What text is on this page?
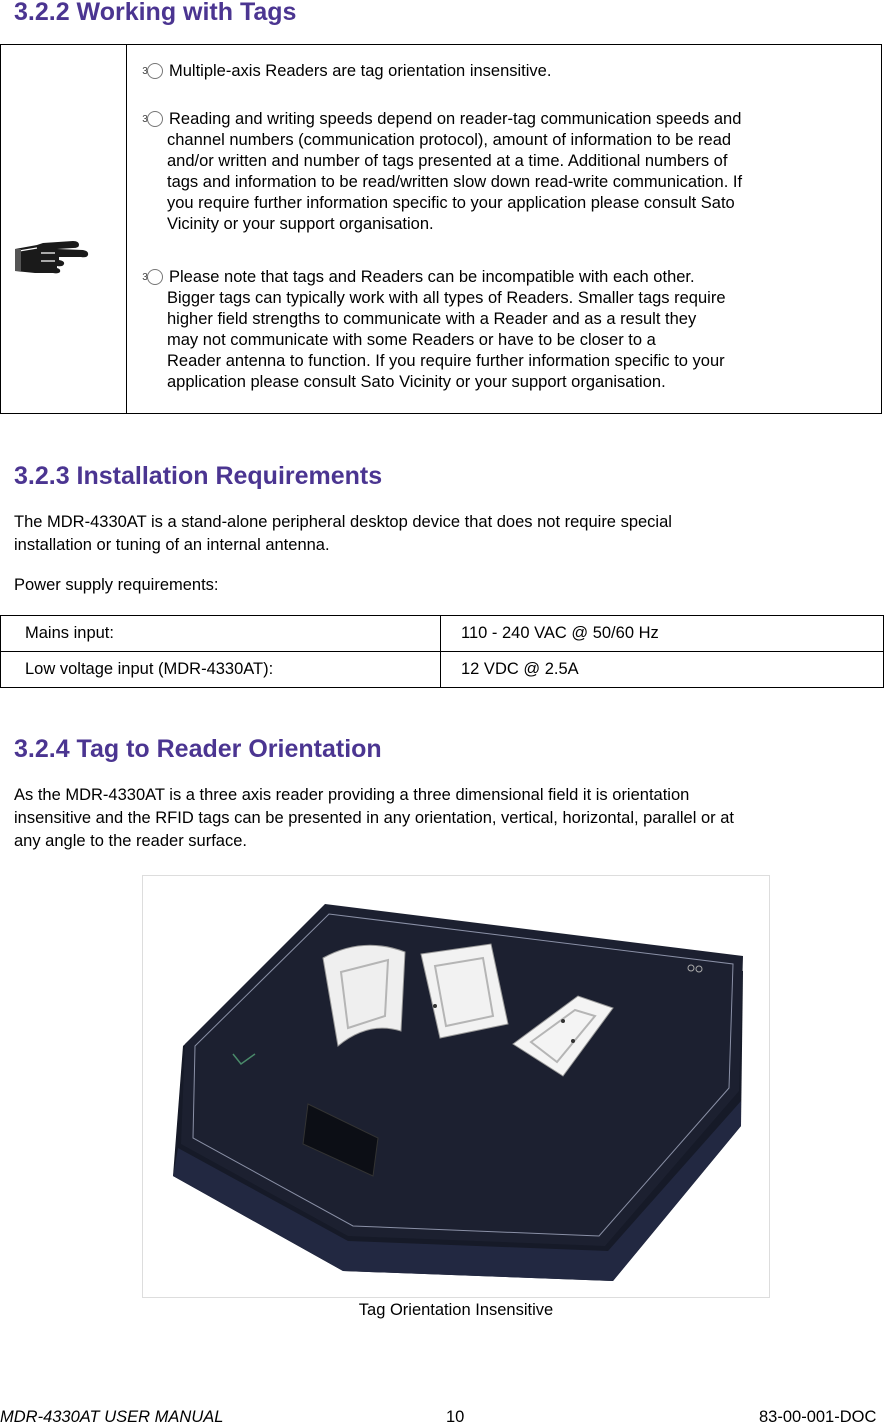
3.2.2 Working with Tags
3 Multiple-axis Readers are tag orientation insensitive.
3 Reading and writing speeds depend on reader-tag communication speeds and
channel numbers (communication protocol), amount of information to be read
and/or written and number of tags presented at a time. Additional numbers of
tags and information to be read/written slow down read-write communication. If
you require further information specific to your application please consult Sato
Vicinity or your support organisation.
3 Please note that tags and Readers can be incompatible with each other.
Bigger tags can typically work with all types of Readers. Smaller tags require
higher field strengths to communicate with a Reader and as a result they
may not communicate with some Readers or have to be closer to a
Reader antenna to function. If you require further information specific to your
application please consult Sato Vicinity or your support organisation.
3.2.3 Installation Requirements

The MDR-4330AT is a stand-alone peripheral desktop device that does not require special
installation or tuning of an internal antenna.

Power supply requirements:

Mains input:	110 - 240 VAC @ 50/60 Hz
Low voltage input (MDR-4330AT):	12 VDC @ 2.5A
3.2.4 Tag to Reader Orientation

As the MDR-4330AT is a three axis reader providing a three dimensional field it is orientation
insensitive and the RFID tags can be presented in any orientation, vertical, horizontal, parallel or at
any angle to the reader surface.

Tag Orientation Insensitive
MDR-4330AT USER MANUAL	10	83-00-001-DOC
